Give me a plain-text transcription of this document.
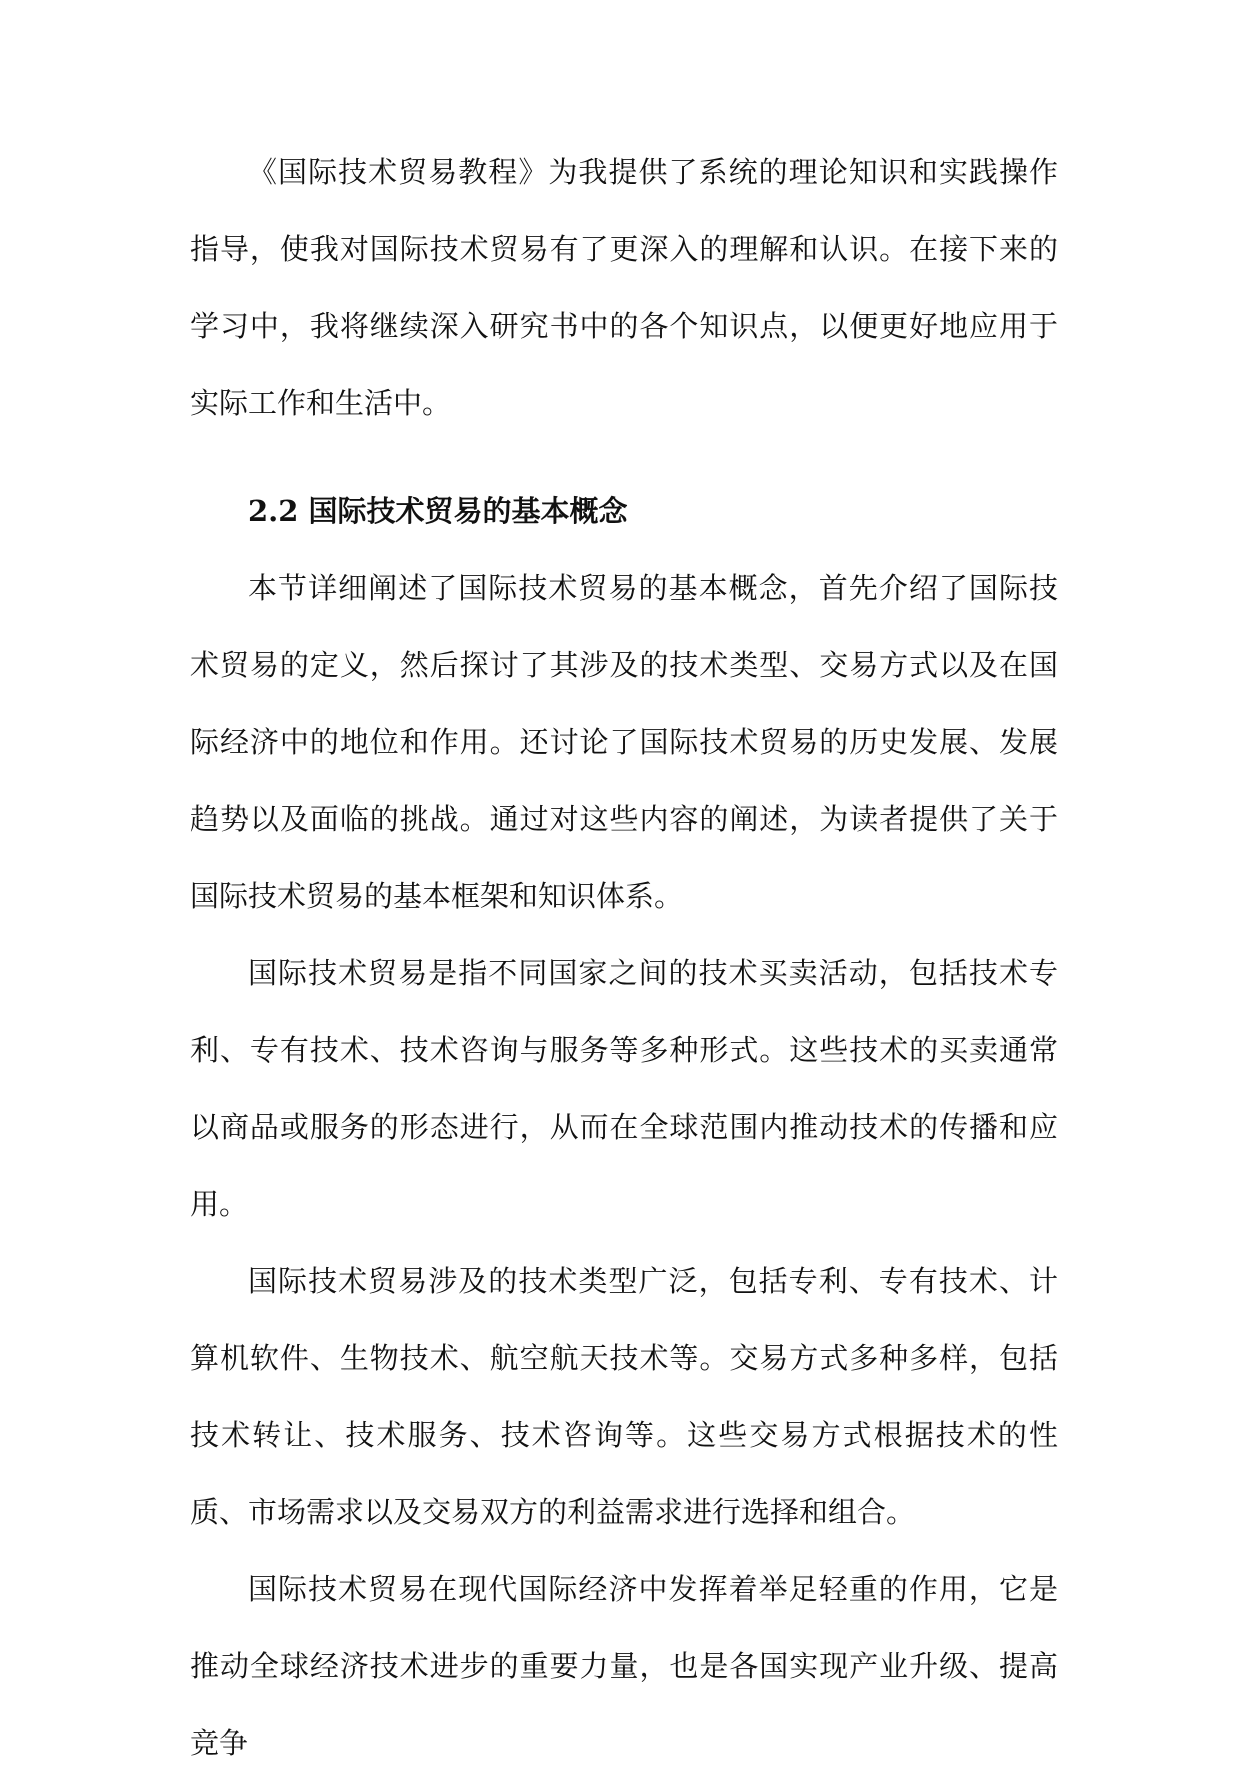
《国际技术贸易教程》为我提供了系统的理论知识和实践操作指导，使我对国际技术贸易有了更深入的理解和认识。在接下来的学习中，我将继续深入研究书中的各个知识点，以便更好地应用于实际工作和生活中。

2.2 国际技术贸易的基本概念

本节详细阐述了国际技术贸易的基本概念，首先介绍了国际技术贸易的定义，然后探讨了其涉及的技术类型、交易方式以及在国际经济中的地位和作用。还讨论了国际技术贸易的历史发展、发展趋势以及面临的挑战。通过对这些内容的阐述，为读者提供了关于国际技术贸易的基本框架和知识体系。

国际技术贸易是指不同国家之间的技术买卖活动，包括技术专利、专有技术、技术咨询与服务等多种形式。这些技术的买卖通常以商品或服务的形态进行，从而在全球范围内推动技术的传播和应用。

国际技术贸易涉及的技术类型广泛，包括专利、专有技术、计算机软件、生物技术、航空航天技术等。交易方式多种多样，包括技术转让、技术服务、技术咨询等。这些交易方式根据技术的性质、市场需求以及交易双方的利益需求进行选择和组合。

国际技术贸易在现代国际经济中发挥着举足轻重的作用，它是推动全球经济技术进步的重要力量，也是各国实现产业升级、提高竞争
